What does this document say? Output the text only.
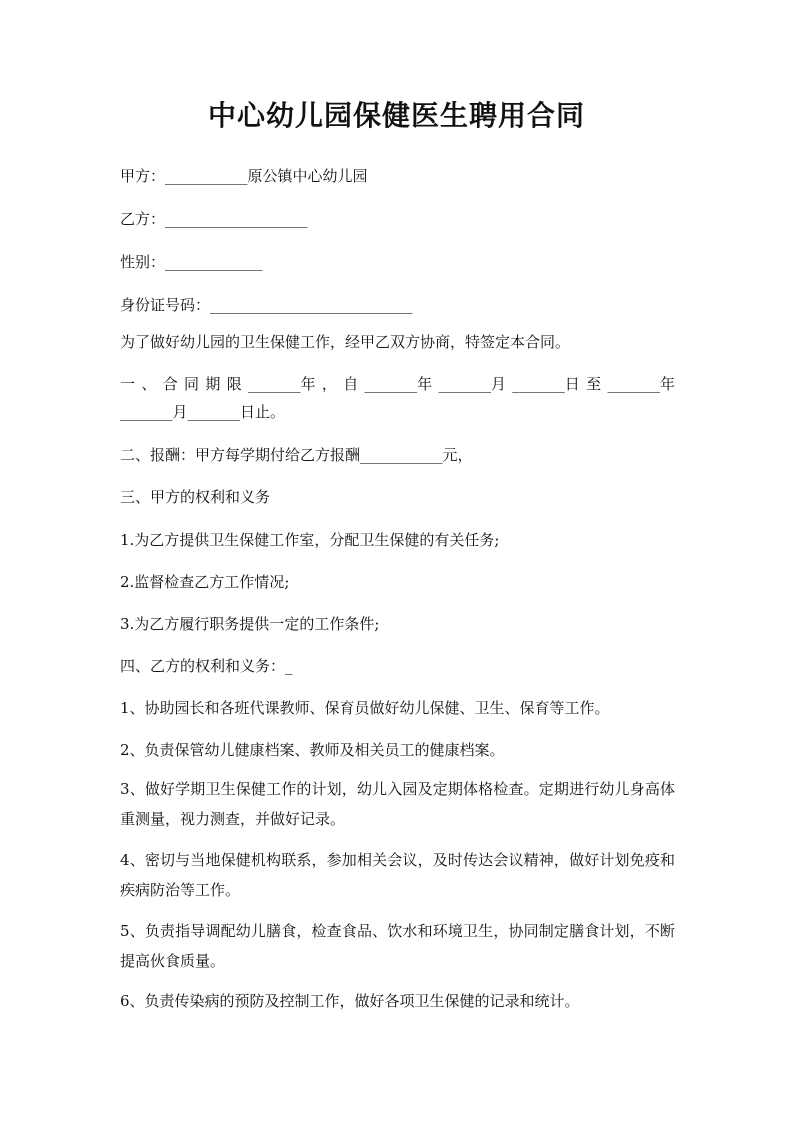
中心幼儿园保健医生聘用合同
甲方：___________原公镇中心幼儿园
乙方：___________________
性别：_____________
身份证号码：___________________________
为了做好幼儿园的卫生保健工作，经甲乙双方协商，特签定本合同。
一 、 合 同 期 限 _______年 ， 自 _______年 _______月 _______日 至 _______年
_______月_______日止。
二、报酬：甲方每学期付给乙方报酬___________元，
三、甲方的权利和义务
1.为乙方提供卫生保健工作室，分配卫生保健的有关任务;
2.监督检查乙方工作情况;
3.为乙方履行职务提供一定的工作条件;
四、乙方的权利和义务：_
1、协助园长和各班代课教师、保育员做好幼儿保健、卫生、保育等工作。
2、负责保管幼儿健康档案、教师及相关员工的健康档案。
3、做好学期卫生保健工作的计划，幼儿入园及定期体格检查。定期进行幼儿身高体重测量，视力测查，并做好记录。
4、密切与当地保健机构联系，参加相关会议，及时传达会议精神，做好计划免疫和疾病防治等工作。
5、负责指导调配幼儿膳食，检查食品、饮水和环境卫生，协同制定膳食计划，不断提高伙食质量。
6、负责传染病的预防及控制工作，做好各项卫生保健的记录和统计。
